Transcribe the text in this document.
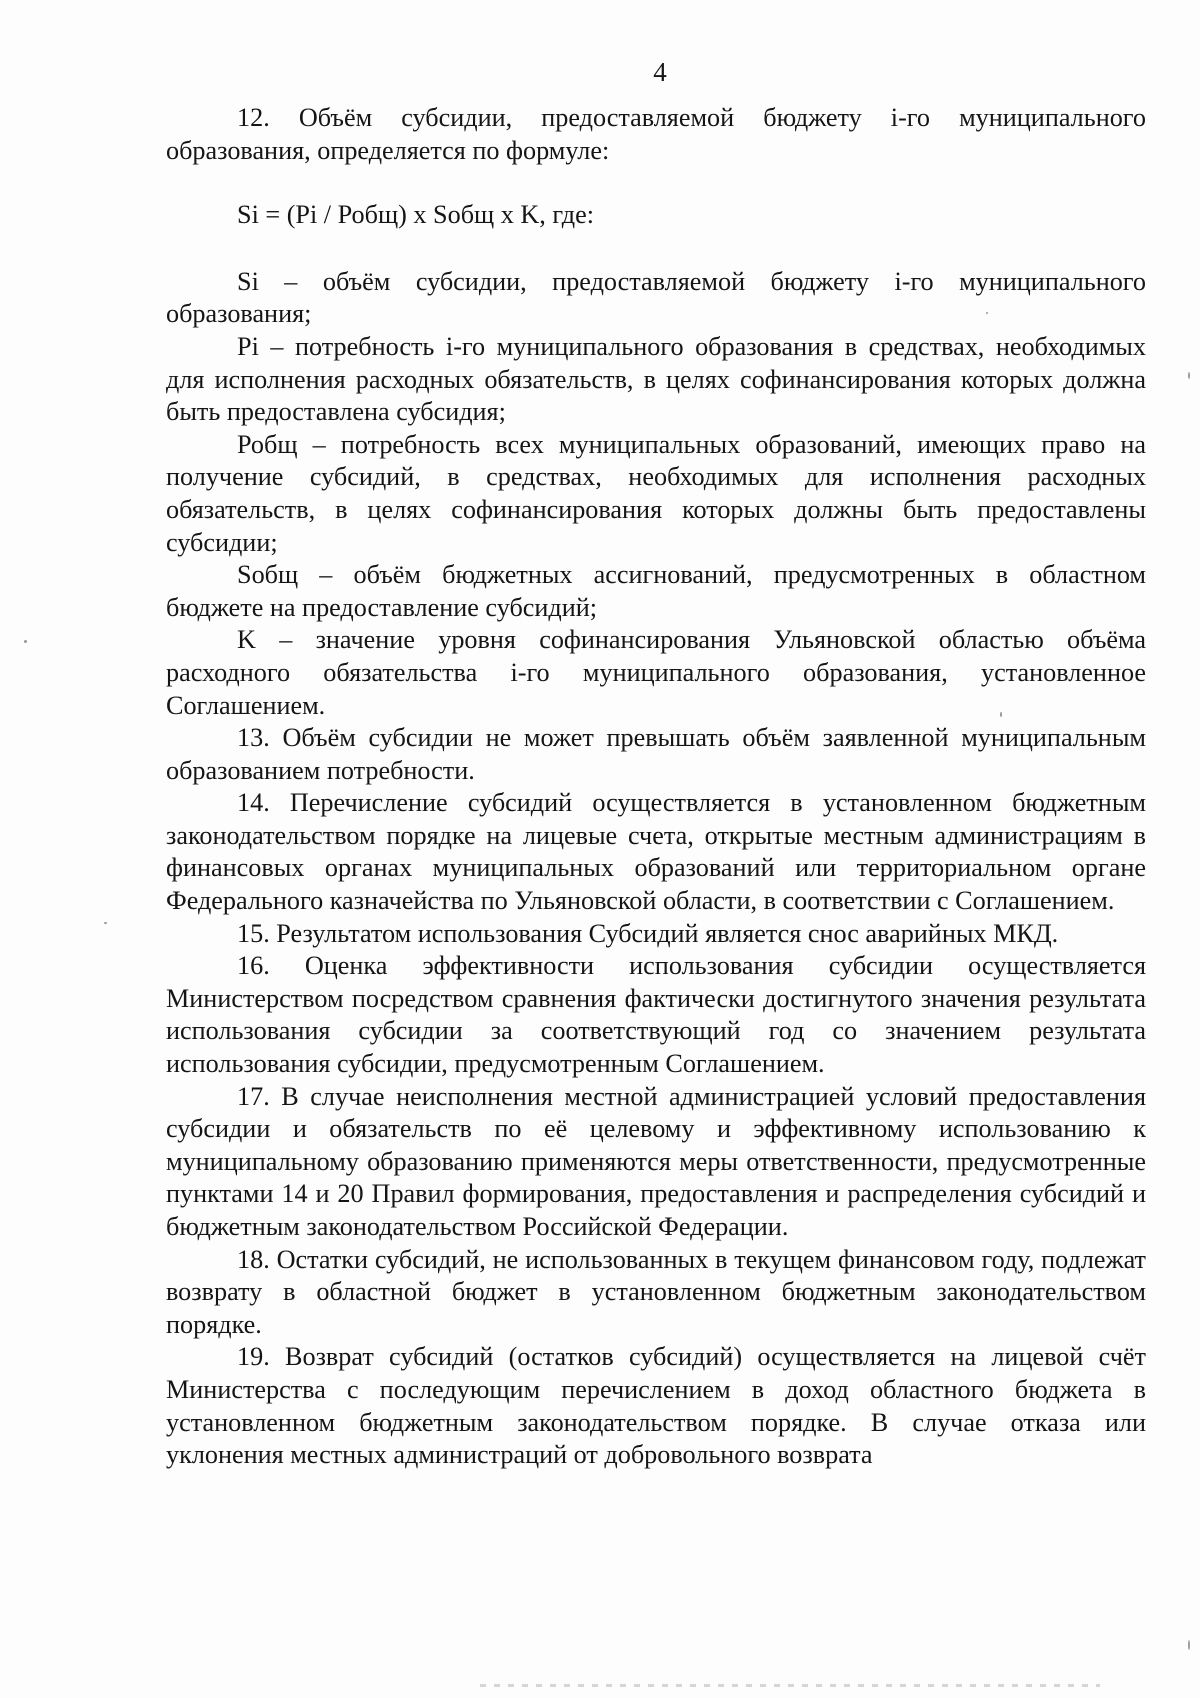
4

12. Объём субсидии, предоставляемой бюджету i-го муниципального образования, определяется по формуле:

Si = (Pi / Робщ) x Sобщ x K, где:

Si – объём субсидии, предоставляемой бюджету i-го муниципального образования;

Pi – потребность i-го муниципального образования в средствах, необходимых для исполнения расходных обязательств, в целях софинансирования которых должна быть предоставлена субсидия;

Робщ – потребность всех муниципальных образований, имеющих право на получение субсидий, в средствах, необходимых для исполнения расходных обязательств, в целях софинансирования которых должны быть предоставлены субсидии;

Sобщ – объём бюджетных ассигнований, предусмотренных в областном бюджете на предоставление субсидий;

K – значение уровня софинансирования Ульяновской областью объёма расходного обязательства i-го муниципального образования, установленное Соглашением.

13. Объём субсидии не может превышать объём заявленной муниципальным образованием потребности.

14. Перечисление субсидий осуществляется в установленном бюджетным законодательством порядке на лицевые счета, открытые местным администрациям в финансовых органах муниципальных образований или территориальном органе Федерального казначейства по Ульяновской области, в соответствии с Соглашением.

15. Результатом использования Субсидий является снос аварийных МКД.

16. Оценка эффективности использования субсидии осуществляется Министерством посредством сравнения фактически достигнутого значения результата использования субсидии за соответствующий год со значением результата использования субсидии, предусмотренным Соглашением.

17. В случае неисполнения местной администрацией условий предоставления субсидии и обязательств по её целевому и эффективному использованию к муниципальному образованию применяются меры ответственности, предусмотренные пунктами 14 и 20 Правил формирования, предоставления и распределения субсидий и бюджетным законодательством Российской Федерации.

18. Остатки субсидий, не использованных в текущем финансовом году, подлежат возврату в областной бюджет в установленном бюджетным законодательством порядке.

19. Возврат субсидий (остатков субсидий) осуществляется на лицевой счёт Министерства с последующим перечислением в доход областного бюджета в установленном бюджетным законодательством порядке. В случае отказа или уклонения местных администраций от добровольного возврата
